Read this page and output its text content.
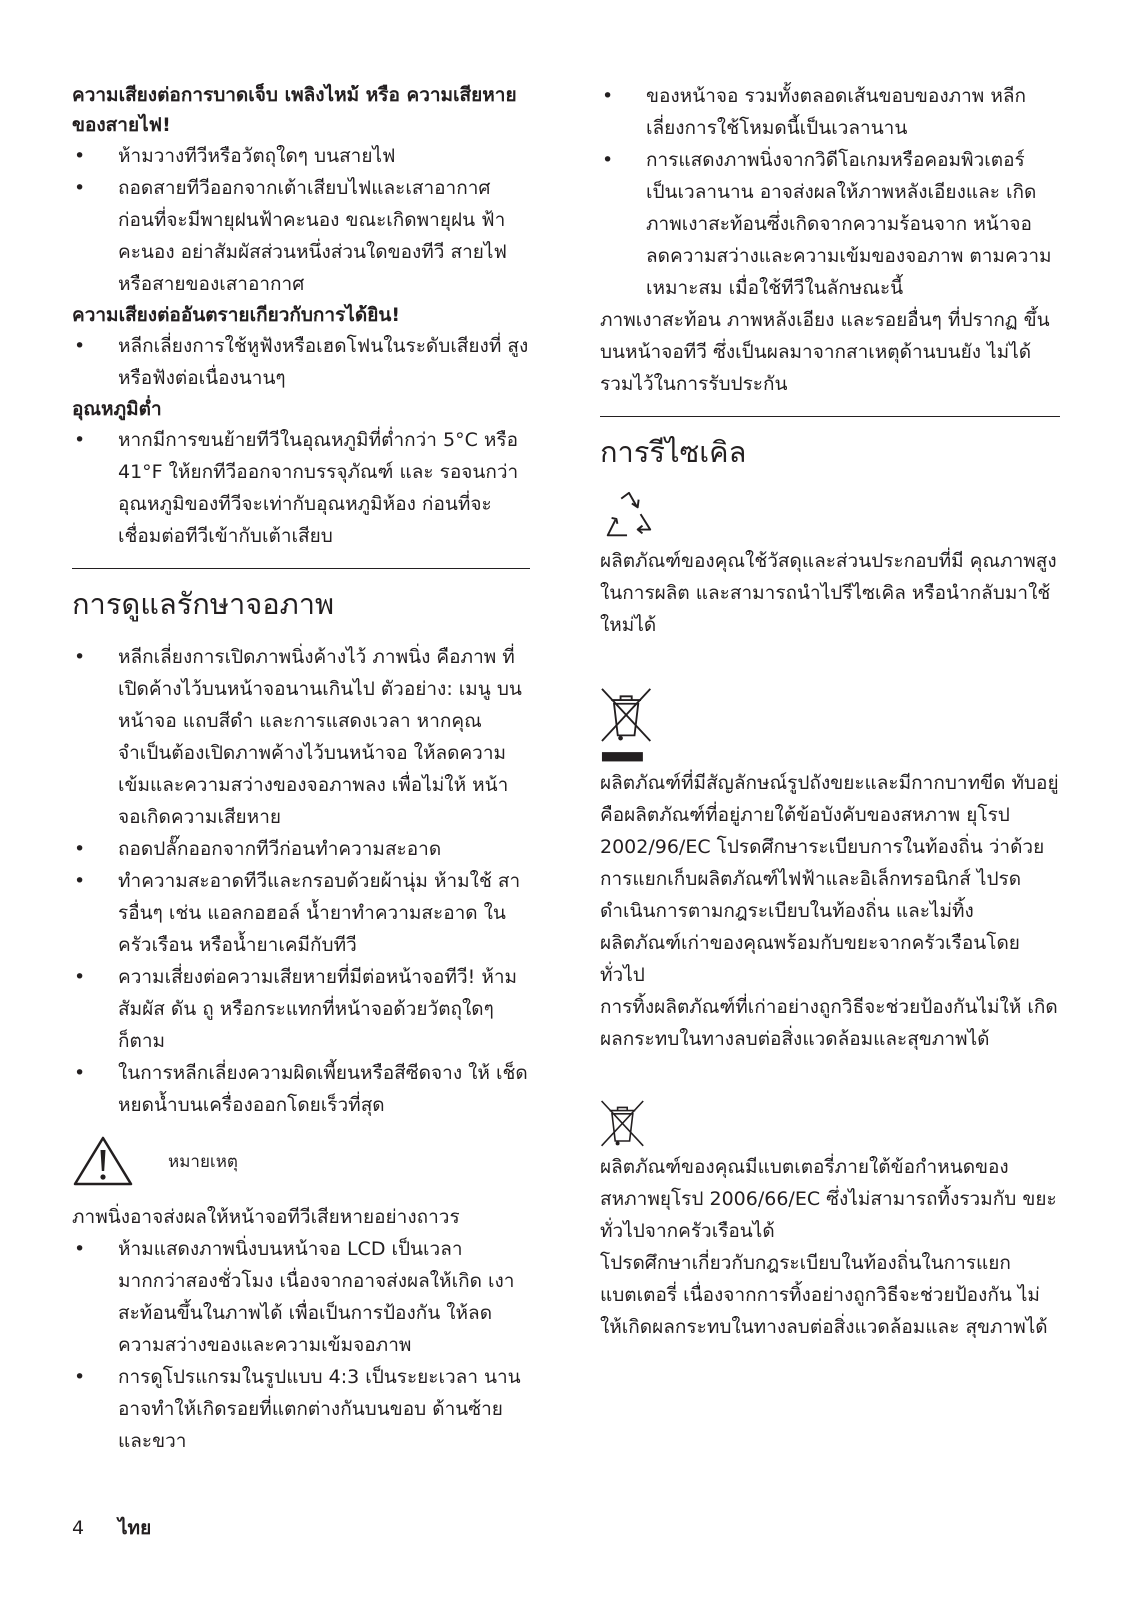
ความเสียงต่อการบาดเจ็บ เพลิงไหม้ หรือ ความเสียหายของสายไฟ!

• ห้ามวางทีวีหรือวัตถุใดๆ บนสายไฟ
• ถอดสายทีวีออกจากเต้าเสียบไฟและเสาอากาศ ก่อนที่จะมีพายุฝนฟ้าคะนอง ขณะเกิดพายุฝน ฟ้าคะนอง อย่าสัมผัสส่วนหนึ่งส่วนใดของทีวี สายไฟ หรือสายของเสาอากาศ

ความเสียงต่ออันตรายเกียวกับการได้ยิน!

• หลีกเลี่ยงการใช้หูฟังหรือเฮดโฟนในระดับเสียงที่ สูงหรือฟังต่อเนื่องนานๆ

อุณหภูมิต่ำ

• หากมีการขนย้ายทีวีในอุณหภูมิที่ต่ำกว่า 5°C หรือ 41°F ให้ยกทีวีออกจากบรรจุภัณฑ์ และ รอจนกว่าอุณหภูมิของทีวีจะเท่ากับอุณหภูมิห้อง ก่อนที่จะเชื่อมต่อทีวีเข้ากับเต้าเสียบ
การดูแลรักษาจอภาพ
• หลีกเลี่ยงการเปิดภาพนิ่งค้างไว้ ภาพนิ่ง คือภาพ ที่เปิดค้างไว้บนหน้าจอนานเกินไป ตัวอย่าง: เมนู บนหน้าจอ แถบสีดำ และการแสดงเวลา หากคุณ จำเป็นต้องเปิดภาพค้างไว้บนหน้าจอ ให้ลดความ เข้มและความสว่างของจอภาพลง เพื่อไม่ให้ หน้าจอเกิดความเสียหาย
• ถอดปลั๊กออกจากทีวีก่อนทำความสะอาด
• ทำความสะอาดทีวีและกรอบด้วยผ้านุ่ม ห้ามใช้ สารอื่นๆ เช่น แอลกอฮอล์ น้ำยาทำความสะอาด ในครัวเรือน หรือน้ำยาเคมีกับทีวี
• ความเสี่ยงต่อความเสียหายที่มีต่อหน้าจอทีวี! ห้าม สัมผัส ดัน ถู หรือกระแทกที่หน้าจอด้วยวัตถุใดๆ ก็ตาม
• ในการหลีกเลี่ยงความผิดเพี้ยนหรือสีซีดจาง ให้ เช็ดหยดน้ำบนเครื่องออกโดยเร็วที่สุด
หมายเหตุ

ภาพนิ่งอาจส่งผลให้หน้าจอทีวีเสียหายอย่างถาวร

• ห้ามแสดงภาพนิ่งบนหน้าจอ LCD เป็นเวลา มากกว่าสองชั่วโมง เนื่องจากอาจส่งผลให้เกิด เงาสะท้อนขึ้นในภาพได้ เพื่อเป็นการป้องกัน ให้ลดความสว่างของและความเข้มจอภาพ
• การดูโปรแกรมในรูปแบบ 4:3 เป็นระยะเวลา นานอาจทำให้เกิดรอยที่แตกต่างกันบนขอบ ด้านซ้ายและขวา
• ของหน้าจอ รวมทั้งตลอดเส้นขอบของภาพ หลีกเลี่ยงการใช้โหมดนี้เป็นเวลานาน
• การแสดงภาพนิ่งจากวิดีโอเกมหรือคอมพิวเตอร์ เป็นเวลานาน อาจส่งผลให้ภาพหลังเอียงและ เกิดภาพเงาสะท้อนซึ่งเกิดจากความร้อนจาก หน้าจอ ลดความสว่างและความเข้มของจอภาพ ตามความเหมาะสม เมื่อใช้ทีวีในลักษณะนี้

ภาพเงาสะท้อน ภาพหลังเอียง และรอยอื่นๆ ที่ปรากฏ ขึ้นบนหน้าจอทีวี ซึ่งเป็นผลมาจากสาเหตุด้านบนยัง ไม่ได้รวมไว้ในการรับประกัน

การรีไซเคิล

ผลิตภัณฑ์ของคุณใช้วัสดุและส่วนประกอบที่มี คุณภาพสูงในการผลิต และสามารถนำไปรีไซเคิล หรือนำกลับมาใช้ใหม่ได้

ผลิตภัณฑ์ที่มีสัญลักษณ์รูปถังขยะและมีกากบาทขีด ทับอยู่ คือผลิตภัณฑ์ที่อยู่ภายใต้ข้อบังคับของสหภาพ ยุโรป 2002/96/EC โปรดศึกษาระเบียบการในท้องถิ่น ว่าด้วยการแยกเก็บผลิตภัณฑ์ไฟฟ้าและอิเล็กทรอนิกส์ ไปรดดำเนินการตามกฎระเบียบในท้องถิ่น และไม่ทิ้ง ผลิตภัณฑ์เก่าของคุณพร้อมกับขยะจากครัวเรือนโดย ทั่วไป

การทิ้งผลิตภัณฑ์ที่เก่าอย่างถูกวิธีจะช่วยป้องกันไม่ให้ เกิดผลกระทบในทางลบต่อสิ่งแวดล้อมและสุขภาพได้

ผลิตภัณฑ์ของคุณมีแบตเตอรี่ภายใต้ข้อกำหนดของ สหภาพยุโรป 2006/66/EC ซึ่งไม่สามารถทิ้งรวมกับ ขยะทั่วไปจากครัวเรือนได้

โปรดศึกษาเกี่ยวกับกฎระเบียบในท้องถิ่นในการแยก แบตเตอรี่ เนื่องจากการทิ้งอย่างถูกวิธีจะช่วยป้องกัน ไม่ให้เกิดผลกระทบในทางลบต่อสิ่งแวดล้อมและ สุขภาพได้

4 ไทย
